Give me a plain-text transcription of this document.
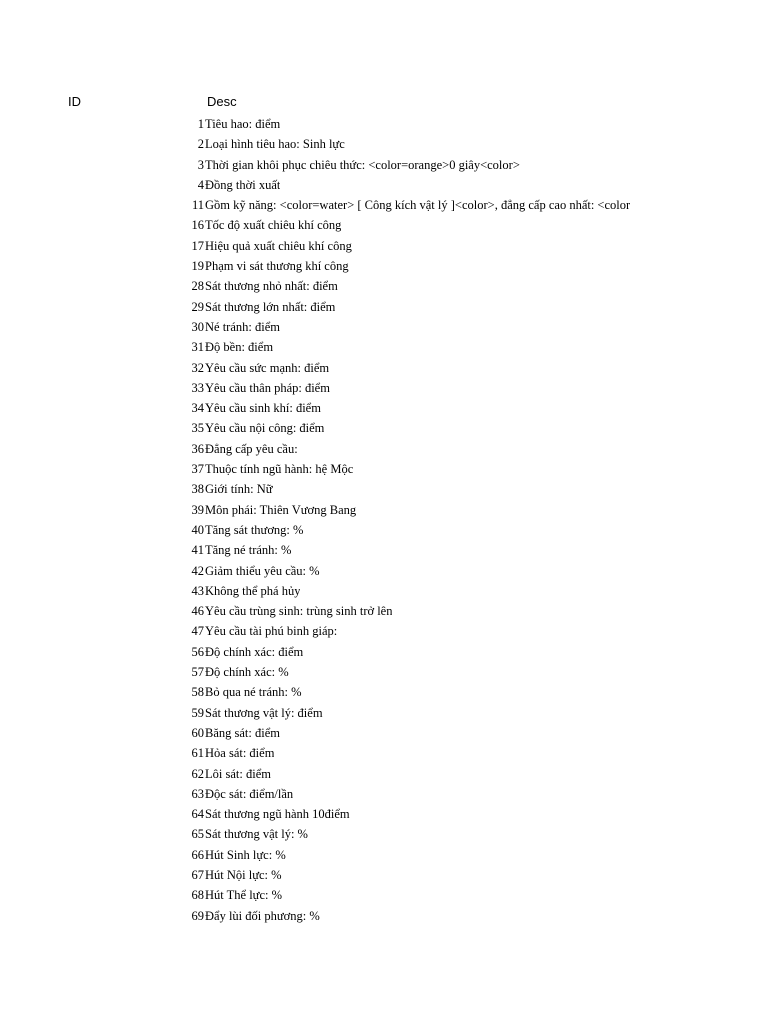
ID	Desc
1 Tiêu hao: điểm
2 Loại hình tiêu hao: Sinh lực
3 Thời gian khôi phục chiêu thức: <color=orange>0 giây<color>
4 Đồng thời xuất
11 Gồm kỹ năng: <color=water> [ Công kích vật lý ]<color>, đẳng cấp cao nhất: <color
16 Tốc độ xuất chiêu khí công
17 Hiệu quả xuất chiêu khí công
19 Phạm vi sát thương khí công
28 Sát thương nhỏ nhất: điểm
29 Sát thương lớn nhất: điểm
30 Né tránh: điểm
31 Độ bền: điểm
32 Yêu cầu sức mạnh: điểm
33 Yêu cầu thân pháp: điểm
34 Yêu cầu sinh khí: điểm
35 Yêu cầu nội công: điểm
36 Đẳng cấp yêu cầu:
37 Thuộc tính ngũ hành: hệ Mộc
38 Giới tính: Nữ
39 Môn phái: Thiên Vương Bang
40 Tăng sát thương: %
41 Tăng né tránh: %
42 Giảm thiểu yêu cầu: %
43 Không thể phá hủy
46 Yêu cầu trùng sinh: trùng sinh trở lên
47 Yêu cầu tài phú binh giáp:
56 Độ chính xác: điểm
57 Độ chính xác: %
58 Bỏ qua né tránh: %
59 Sát thương vật lý: điểm
60 Băng sát: điểm
61 Hỏa sát: điểm
62 Lôi sát: điểm
63 Độc sát: điểm/lần
64 Sát thương ngũ hành 10điểm
65 Sát thương vật lý: %
66 Hút Sinh lực: %
67 Hút Nội lực: %
68 Hút Thể lực: %
69 Đẩy lùi đối phương: %
